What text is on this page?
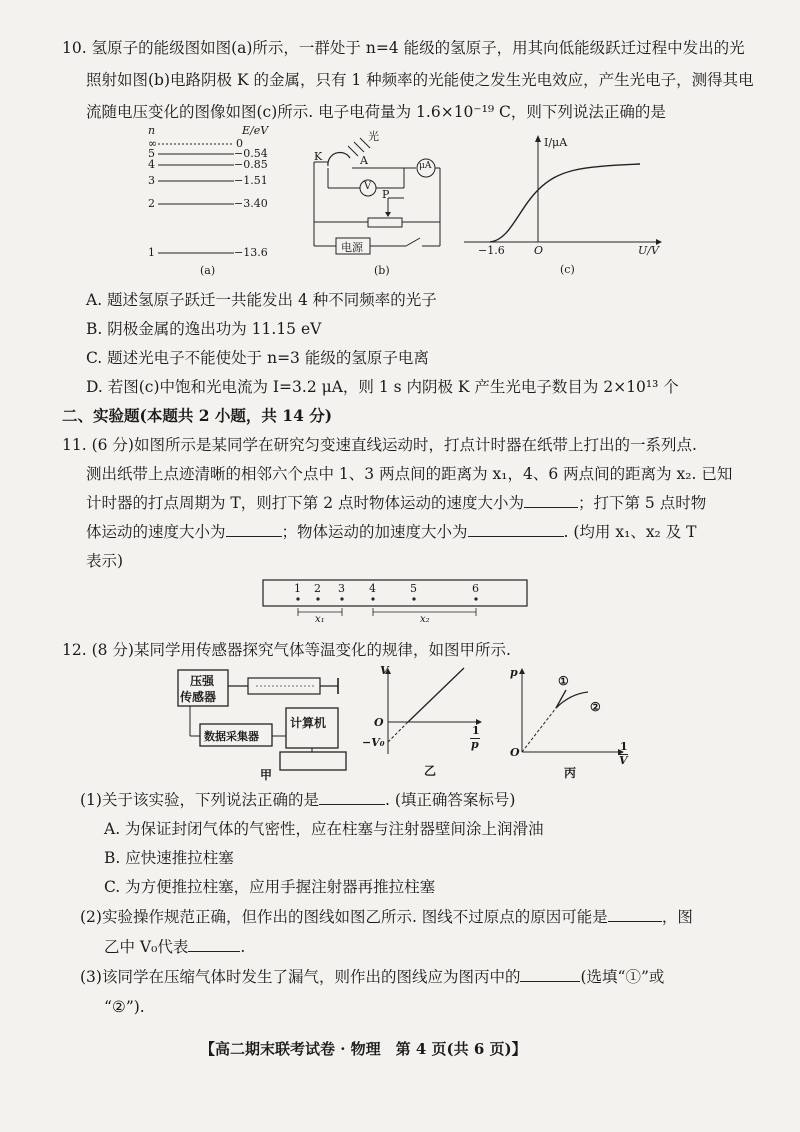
10. 氢原子的能级图如图(a)所示，一群处于 n=4 能级的氢原子，用其向低能级跃迁过程中发出的光
照射如图(b)电路阴极 K 的金属，只有 1 种频率的光能使之发生光电效应，产生光电子，测得其电
流随电压变化的图像如图(c)所示. 电子电荷量为 1.6×10⁻¹⁹ C，则下列说法正确的是
n	E/eV
∞	0
5	−0.54
4	−0.85
3	−1.51
2	−3.40
1	−13.6
(a)
光
K	A	μA
V
P
电源
(b)
I/μA
−1.6	O	U/V
(c)
A. 题述氢原子跃迁一共能发出 4 种不同频率的光子
B. 阴极金属的逸出功为 11.15 eV
C. 题述光电子不能使处于 n=3 能级的氢原子电离
D. 若图(c)中饱和光电流为 I=3.2 μA，则 1 s 内阴极 K 产生光电子数目为 2×10¹³ 个
二、实验题(本题共 2 小题，共 14 分)
11. (6 分)如图所示是某同学在研究匀变速直线运动时，打点计时器在纸带上打出的一系列点.
测出纸带上点迹清晰的相邻六个点中 1、3 两点间的距离为 x₁，4、6 两点间的距离为 x₂. 已知
计时器的打点周期为 T，则打下第 2 点时物体运动的速度大小为	；打下第 5 点时物
体运动的速度大小为	；物体运动的加速度大小为	. (均用 x₁、x₂ 及 T
表示)
1 2 3 4	5	6
x₁	x₂
12. (8 分)某同学用传感器探究气体等温变化的规律，如图甲所示.
压强
传感器
数据采集器
计算机
甲
V
O
−V₀
1
p
乙
p
O
①
②
1
V
丙
(1)关于该实验，下列说法正确的是	. (填正确答案标号)
A. 为保证封闭气体的气密性，应在柱塞与注射器壁间涂上润滑油
B. 应快速推拉柱塞
C. 为方便推拉柱塞，应用手握注射器再推拉柱塞
(2)实验操作规范正确，但作出的图线如图乙所示. 图线不过原点的原因可能是	，图
乙中 V₀代表	.
(3)该同学在压缩气体时发生了漏气，则作出的图线应为图丙中的	(选填“①”或
“②”).
【高二期末联考试卷 · 物理　第 4 页(共 6 页)】
